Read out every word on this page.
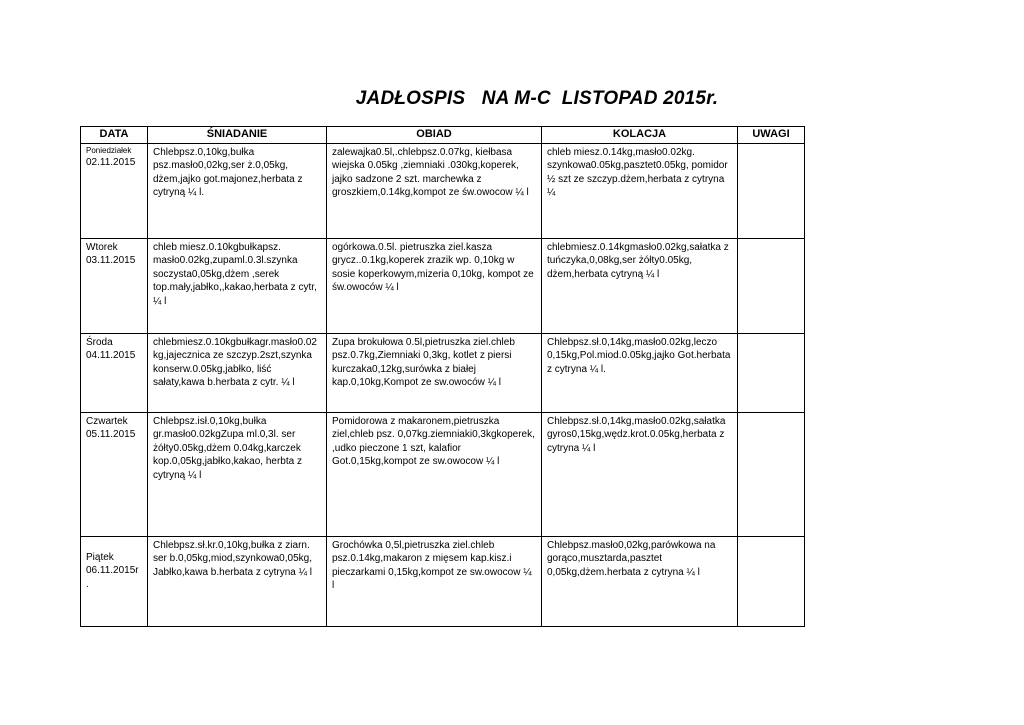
JADŁOSPIS   NA M-C  LISTOPAD 2015r.
DATA	ŚNIADANIE	OBIAD	KOLACJA	UWAGI

Poniedziałek
02.11.2015	Chlebpsz.0,10kg,bułka psz.masło0,02kg,ser ż.0,05kg, dżem,jajko got.majonez,herbata z cytryną ¼ l.	zalewajka0.5l,.chlebpsz.0.07kg, kiełbasa wiejska 0.05kg ,ziemniaki .030kg,koperek, jajko sadzone 2 szt. marchewka z groszkiem,0.14kg,kompot ze św.owocow ¼ l	chleb miesz.0.14kg,masło0.02kg. szynkowa0.05kg,pasztet0.05kg, pomidor ½ szt ze szczyp.dżem,herbata z cytryna ¼	

Wtorek
03.11.2015	chleb miesz.0.10kgbułkapsz. masło0.02kg,zupaml.0.3l.szynka soczysta0,05kg,dżem ,serek top.mały,jabłko,,kakao,herbata z cytr, ¼ l	ogórkowa.0.5l. pietruszka ziel.kasza grycz..0.1kg,koperek zrazik wp. 0,10kg w sosie koperkowym,mizeria 0,10kg, kompot ze św.owoców ¼ l	chlebmiesz.0.14kgmasło0.02kg,sałatka z tuńczyka,0,08kg,ser żółty0.05kg, dżem,herbata cytryną ¼ l	

Środa
04.11.2015	chlebmiesz.0.10kgbułkagr.masło0.02 kg,jajecznica ze szczyp.2szt,szynka konserw.0.05kg,jabłko, liść sałaty,kawa b.herbata z cytr. ¼ l	Zupa brokułowa 0.5l,pietruszka ziel.chleb psz.0.7kg,Ziemniaki 0,3kg, kotlet z piersi kurczaka0,12kg,surówka z białej kap.0,10kg,Kompot ze sw.owoców ¼ l	Chlebpsz.sł.0,14kg,masło0.02kg,leczo 0,15kg,Pol.miod.0.05kg,jajko Got.herbata z cytryna ¼ l.	

Czwartek
05.11.2015	Chlebpsz.isł.0,10kg,bułka gr.masło0.02kgZupa ml.0,3l. ser żółty0.05kg,dżem 0.04kg,karczek kop.0,05kg,jabłko,kakao, herbta z cytryną ¼ l	Pomidorowa z makaronem,pietruszka ziel,chleb psz. 0,07kg.ziemniaki0,3kgkoperek, ,udko pieczone 1 szt, kalafior Got.0,15kg,kompot ze sw.owocow ¼ l	Chlebpsz.sł.0,14kg,masło0.02kg,sałatka gyros0,15kg,wędz.krot.0.05kg,herbata z cytryna ¼ l	

Piątek
06.11.2015r .	Chlebpsz.sł.kr.0,10kg,bułka z ziarn. ser b.0,05kg,miod,szynkowa0,05kg, Jabłko,kawa b.herbata z cytryna ¼ l	Grochówka 0,5l,pietruszka ziel.chleb psz.0.14kg,makaron z mięsem kap.kisz.i pieczarkami 0,15kg,kompot ze sw.owocow ¼ l	Chlebpsz.masło0,02kg,parówkowa na gorąco,musztarda,pasztet 0,05kg,dżem.herbata z cytryna ¼ l	
